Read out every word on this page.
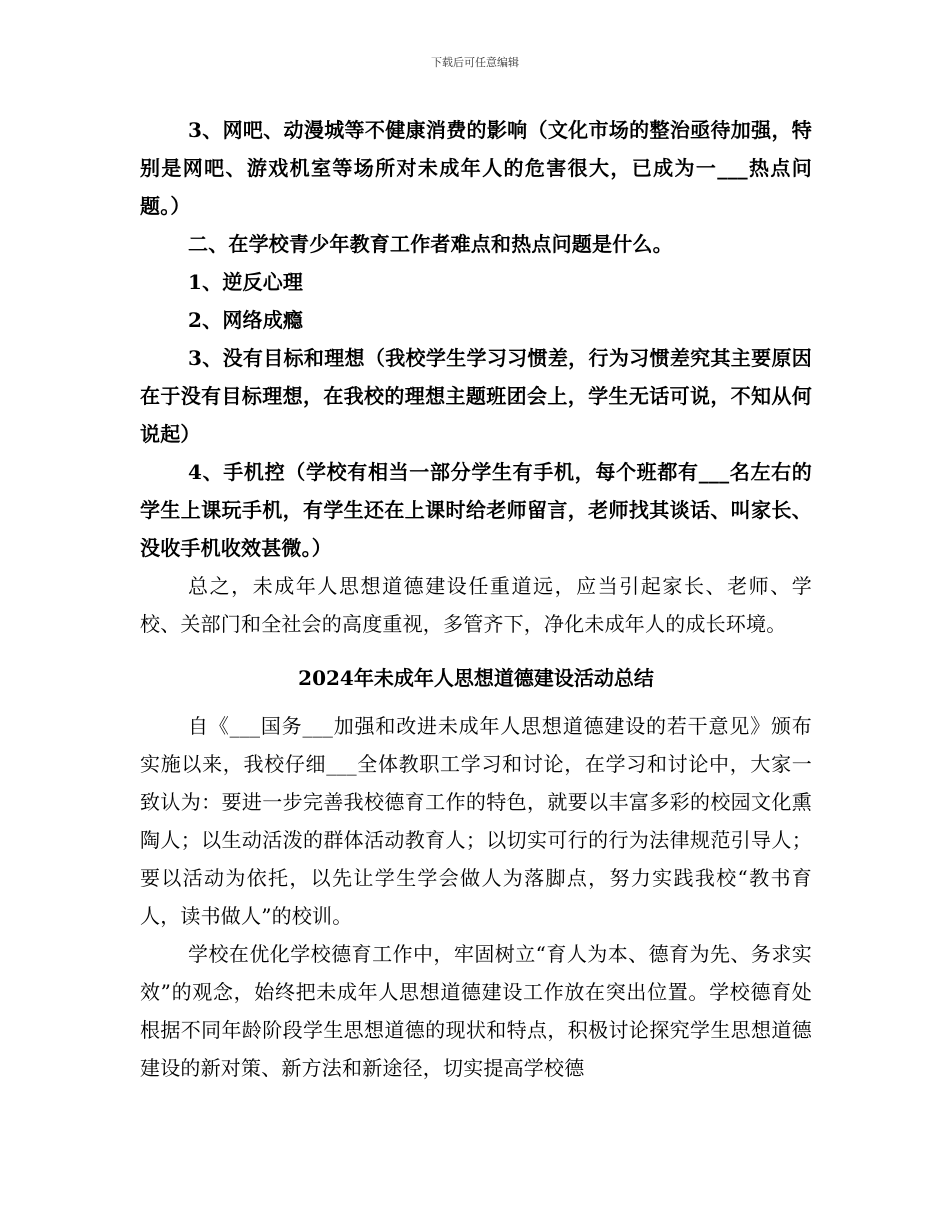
下载后可任意编辑

3、网吧、动漫城等不健康消费的影响（文化市场的整治亟待加强，特别是网吧、游戏机室等场所对未成年人的危害很大，已成为一___热点问题。）

二、在学校青少年教育工作者难点和热点问题是什么。

1、逆反心理

2、网络成瘾

3、没有目标和理想（我校学生学习习惯差，行为习惯差究其主要原因在于没有目标理想，在我校的理想主题班团会上，学生无话可说，不知从何说起）

4、手机控（学校有相当一部分学生有手机，每个班都有___名左右的学生上课玩手机，有学生还在上课时给老师留言，老师找其谈话、叫家长、没收手机收效甚微。）

总之，未成年人思想道德建设任重道远，应当引起家长、老师、学校、关部门和全社会的高度重视，多管齐下，净化未成年人的成长环境。

2024年未成年人思想道德建设活动总结

自《___国务___加强和改进未成年人思想道德建设的若干意见》颁布实施以来，我校仔细___全体教职工学习和讨论，在学习和讨论中，大家一致认为：要进一步完善我校德育工作的特色，就要以丰富多彩的校园文化熏陶人；以生动活泼的群体活动教育人；以切实可行的行为法律规范引导人；要以活动为依托，以先让学生学会做人为落脚点，努力实践我校“教书育人，读书做人”的校训。

学校在优化学校德育工作中，牢固树立“育人为本、德育为先、务求实效”的观念，始终把未成年人思想道德建设工作放在突出位置。学校德育处根据不同年龄阶段学生思想道德的现状和特点，积极讨论探究学生思想道德建设的新对策、新方法和新途径，切实提高学校德
